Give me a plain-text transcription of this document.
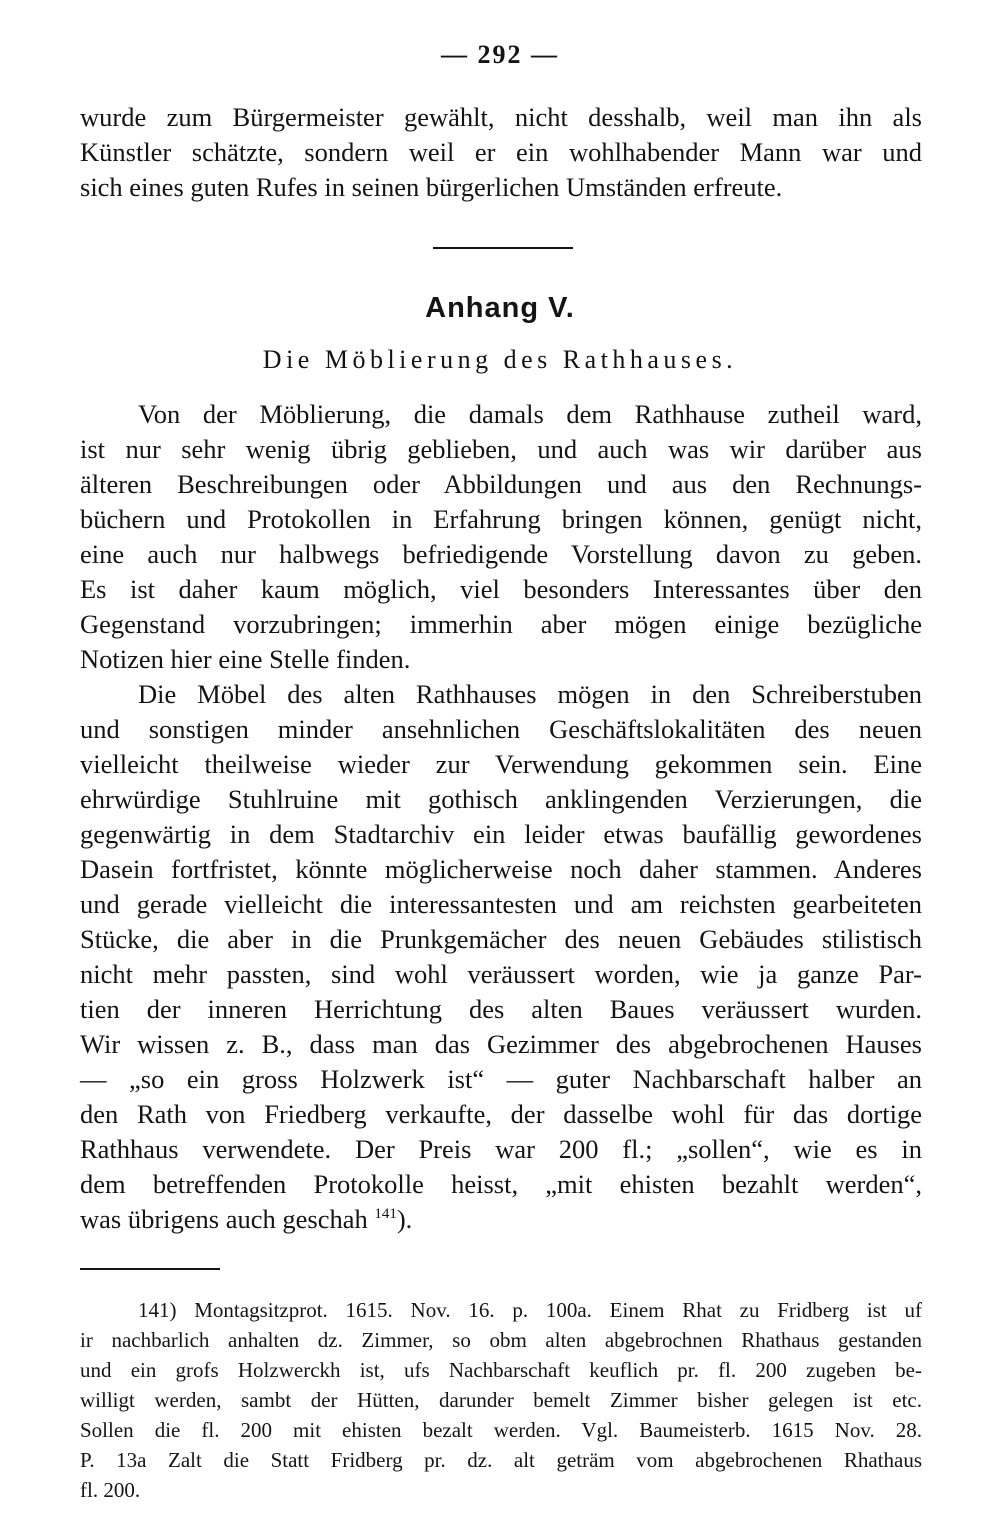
— 292 —
wurde zum Bürgermeister gewählt, nicht desshalb, weil man ihn als
Künstler schätzte, sondern weil er ein wohlhabender Mann war und
sich eines guten Rufes in seinen bürgerlichen Umständen erfreute.
Anhang V.
Die Möblierung des Rathhauses.
Von der Möblierung, die damals dem Rathhause zutheil ward,
ist nur sehr wenig übrig geblieben, und auch was wir darüber aus
älteren Beschreibungen oder Abbildungen und aus den Rechnungs-
büchern und Protokollen in Erfahrung bringen können, genügt nicht,
eine auch nur halbwegs befriedigende Vorstellung davon zu geben.
Es ist daher kaum möglich, viel besonders Interessantes über den
Gegenstand vorzubringen; immerhin aber mögen einige bezügliche
Notizen hier eine Stelle finden.
Die Möbel des alten Rathhauses mögen in den Schreiberstuben
und sonstigen minder ansehnlichen Geschäftslokalitäten des neuen
vielleicht theilweise wieder zur Verwendung gekommen sein. Eine
ehrwürdige Stuhlruine mit gothisch anklingenden Verzierungen, die
gegenwärtig in dem Stadtarchiv ein leider etwas baufällig gewordenes
Dasein fortfristet, könnte möglicherweise noch daher stammen. Anderes
und gerade vielleicht die interessantesten und am reichsten gearbeiteten
Stücke, die aber in die Prunkgemächer des neuen Gebäudes stilistisch
nicht mehr passten, sind wohl veräussert worden, wie ja ganze Par-
tien der inneren Herrichtung des alten Baues veräussert wurden.
Wir wissen z. B., dass man das Gezimmer des abgebrochenen Hauses
— „so ein gross Holzwerk ist“ — guter Nachbarschaft halber an
den Rath von Friedberg verkaufte, der dasselbe wohl für das dortige
Rathhaus verwendete. Der Preis war 200 fl.; „sollen“, wie es in
dem betreffenden Protokolle heisst, „mit ehisten bezahlt werden“,
was übrigens auch geschah $^{141}$).
141) Montagsitzprot. 1615. Nov. 16. p. 100a. Einem Rhat zu Fridberg ist uf
ir nachbarlich anhalten dz. Zimmer, so obm alten abgebrochnen Rhathaus gestanden
und ein grofs Holzwerckh ist, ufs Nachbarschaft keuflich pr. fl. 200 zugeben be-
willigt werden, sambt der Hütten, darunder bemelt Zimmer bisher gelegen ist etc.
Sollen die fl. 200 mit ehisten bezalt werden. Vgl. Baumeisterb. 1615 Nov. 28.
P. 13a Zalt die Statt Fridberg pr. dz. alt geträm vom abgebrochenen Rhathaus
fl. 200.
